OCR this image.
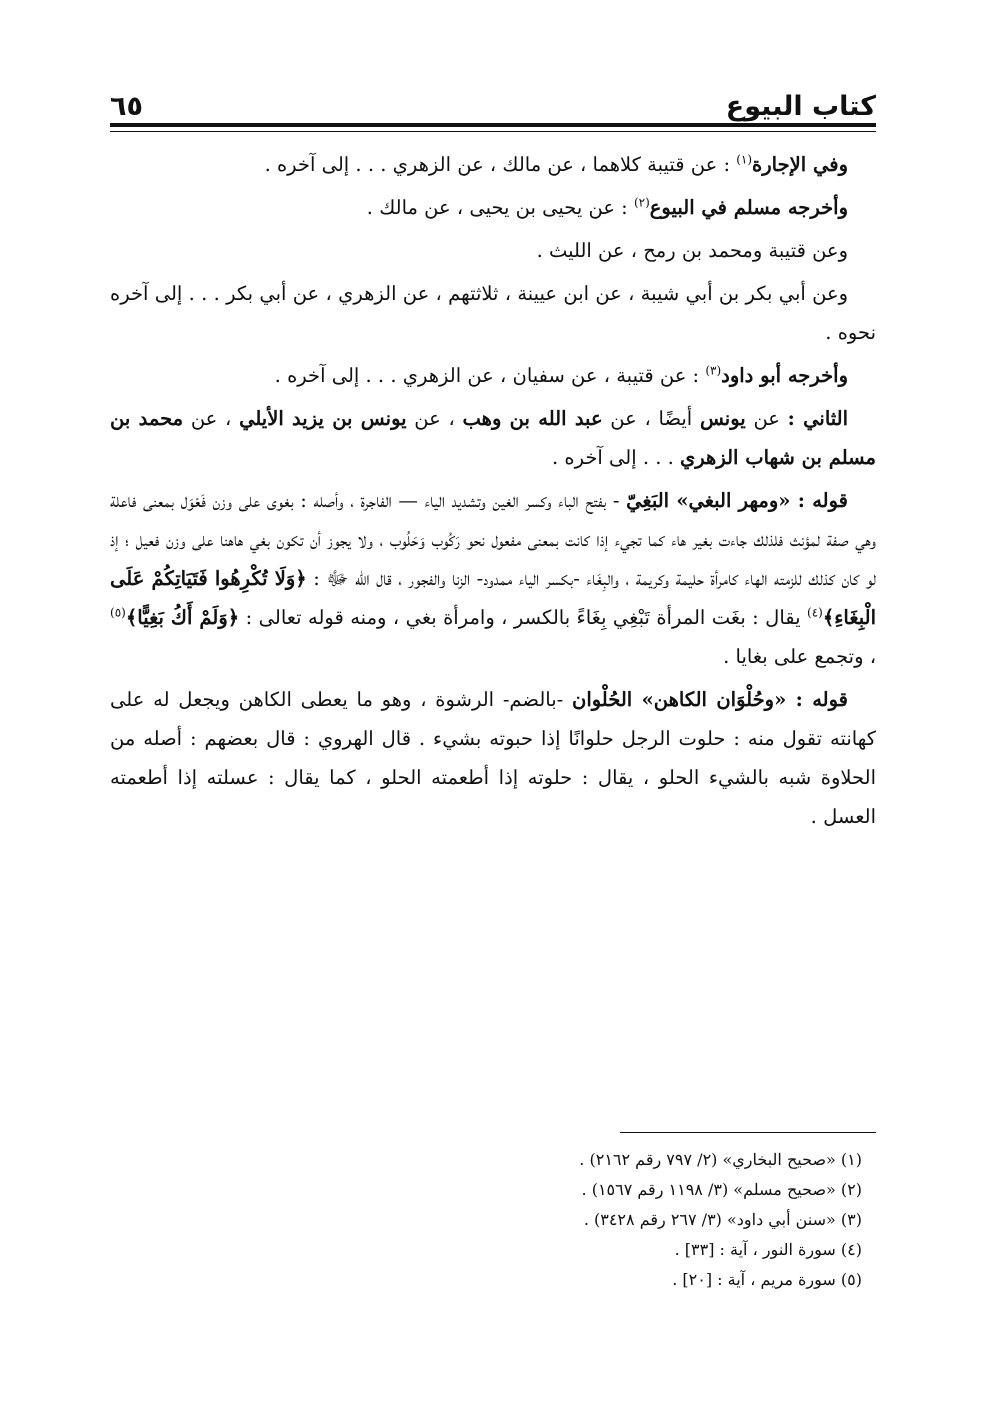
كتاب البيوع
٦٥

وفي الإجارة$^{(١)}$ : عن قتيبة كلاهما ، عن مالك ، عن الزهري . . . إلى آخره .

وأخرجه مسلم في البيوع$^{(٢)}$ : عن يحيى بن يحيى ، عن مالك .

وعن قتيبة ومحمد بن رمح ، عن الليث .

وعن أبي بكر بن أبي شيبة ، عن ابن عيينة ، ثلاثتهم ، عن الزهري ، عن أبي بكر . . . إلى آخره نحوه .

وأخرجه أبو داود$^{(٣)}$ : عن قتيبة ، عن سفيان ، عن الزهري . . . إلى آخره .

الثاني : عن يونس أيضًا ، عن عبد الله بن وهب ، عن يونس بن يزيد الأيلي ، عن محمد بن مسلم بن شهاب الزهري . . . إلى آخره .

قوله : «ومهر البغي» البَغِيّ - بفتح الباء وكسر الغين وتشديد الياء — الفاجرة ، وأصله : بغوى على وزن فَعْوَل بمعنى فاعلة وهي صفة لمؤنث فلذلك جاءت بغير هاء كما تجيء إذا كانت بمعنى مفعول نحو رَكُوب وَحَلُوب ، ولا يجوز أن تكون بغي هاهنا على وزن فعيل ؛ إذ لو كان كذلك للزمته الهاء كامرأة حليمة وكريمة ، والبِغَاء -بكسر الياء ممدود- الزنا والفجور ، قال الله ﷻ : ﴿وَلَا تُكْرِهُوا فَتَيَاتِكُمْ عَلَى الْبِغَاءِ﴾$^{(٤)}$ يقال : بغَت المرأة تَبْغِي بِغَاءً بالكسر ، وامرأة بغي ، ومنه قوله تعالى : ﴿وَلَمْ أَكُ بَغِيًّا﴾$^{(٥)}$ ، وتجمع على بغايا .

قوله : «وحُلْوَان الكاهن» الحُلْوان -بالضم- الرشوة ، وهو ما يعطى الكاهن ويجعل له على كهانته تقول منه : حلوت الرجل حلوانًا إذا حبوته بشيء . قال الهروي : قال بعضهم : أصله من الحلاوة شبه بالشيء الحلو ، يقال : حلوته إذا أطعمته الحلو ، كما يقال : عسلته إذا أطعمته العسل .

(١) «صحيح البخاري» (٢/ ٧٩٧ رقم ٢١٦٢) .
(٢) «صحيح مسلم» (٣/ ١١٩٨ رقم ١٥٦٧) .
(٣) «سنن أبي داود» (٣/ ٢٦٧ رقم ٣٤٢٨) .
(٤) سورة النور ، آية : [٣٣] .
(٥) سورة مريم ، آية : [٢٠] .
